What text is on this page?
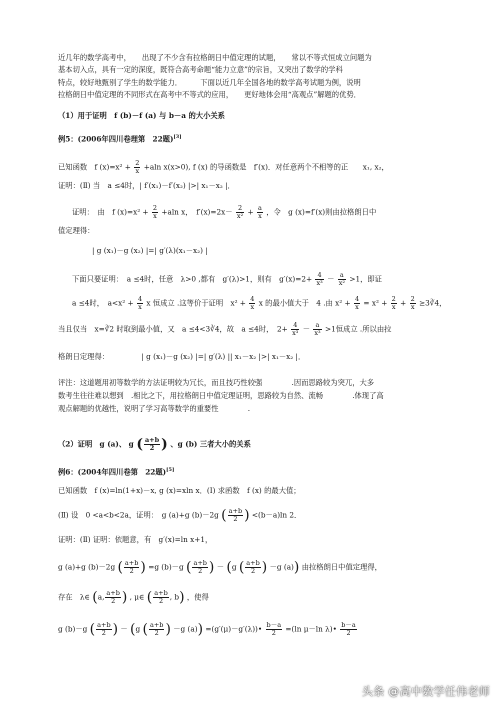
近几年的数学高考中，　　出现了不少含有拉格朗日中值定理的试题，　　常以不等式恒成立问题为
基本切入点，具有一定的深度，既符合高考命题“能力立意”的宗旨，又突出了数学的学科
特点，较好地甄别了学生的数学能力．　　　下面以近几年全国各地的数学高考试题为例，说明
拉格朗日中值定理的不同形式在高考中不等式的应用，　　更好地体会用“高观点”解题的优势．
（1）用于证明　f (b)－f (a) 与 b－a 的大小关系
例5：(2006年四川卷理第　22题)[3]
已知函数　f $(x)=x^2 + \frac{2}{x} +aln$ x(x>0), f (x) 的导函数是　f′(x)．对任意两个不相等的正　　x₁, x₂，
证明：(Ⅱ) 当　a ≤4时，| f′(x₁)－f′(x₂) |>| x₁－x₂ |．
证明：　由　f $(x)=x^2 + \frac{2}{x} +aln$ x，　$f'(x)=2x- \frac{2}{\text{x²}} + \frac{a}{x}$ ，令　g (x)=f′(x)则由拉格朗日中
值定理得：
| g (x₁)－g (x₂) |=| g′(λ)(x₁－x₂) |
下面只要证明：　a ≤4时，任意　λ>0 ,都有　g′(λ)>1，则有　$g'(x)=2+ \frac{4}{\text{x³}} - \frac{a}{\text{x²}} >1$，即证
a ≤4时，　$a<x^2 + \frac{4}{x}$ x 恒成立 .这等价于证明　$x^2 + \frac{4}{x}$ x 的最小值大于　4 .由 $x^2 + \frac{4}{x} = x^2 + \frac{2}{x} + \frac{2}{x}$ ≥3∛4，
当且仅当　x=∛2 时取到最小值，又　a ≤4<3∛4，故　a ≤4时，　$2+ \frac{4}{\text{x³}} - \frac{a}{\text{x³}} >1$恒成立 .所以由拉
格朗日定理得：	| g (x₁)－g (x₂) |=| g′(λ) || x₁－x₂ |>| x₁－x₂ |．
评注：这道题用初等数学的方法证明较为冗长，而且技巧性较强　　　　.因而思路较为突兀，大多
数考生往往难以想到　.相比之下，用拉格朗日中值定理证明，思路较为自然、流畅　　　　.体现了高
观点解题的优越性，说明了学习高等数学的重要性　　　　.
（2）证明　g (a)、 g ( $\frac{a+b}{2}$ ) 、g (b) 三者大小的关系
例6：(2004年四川卷第　22题)[5]
已知函数　f (x)=ln(1+x)－x, g (x)=xln x．(Ⅰ) 求函数　f (x) 的最大值；
(Ⅱ) 设　0 <a<b<2a，证明：　g (a)+g (b)－2g ( $\frac{a+b}{2}$ ) <(b－a)ln 2．
证明：(Ⅱ) 证明：依题意，有　g′(x)=ln x+1，
g (a)+g (b)－2g ( $\frac{a+b}{2}$ ) =g (b)－g ( $\frac{a+b}{2}$ ) － (g ( $\frac{a+b}{2}$ ) －g (a)) 由拉格朗日中值定理得，
存在　λ∈ (a, $\frac{a+b}{2}$ ) , μ∈ ( $\frac{a+b}{2}$ , b) ，使得
g (b)－g ( $\frac{a+b}{2}$ ) － (g ( $\frac{a+b}{2}$ ) －g (a)) =(g′(μ)－g′(λ))• $\frac{b-a}{2} =(\ln$ μ－ln λ)• $\frac{b-a}{2}$
头条 @高中数学任伟老师
